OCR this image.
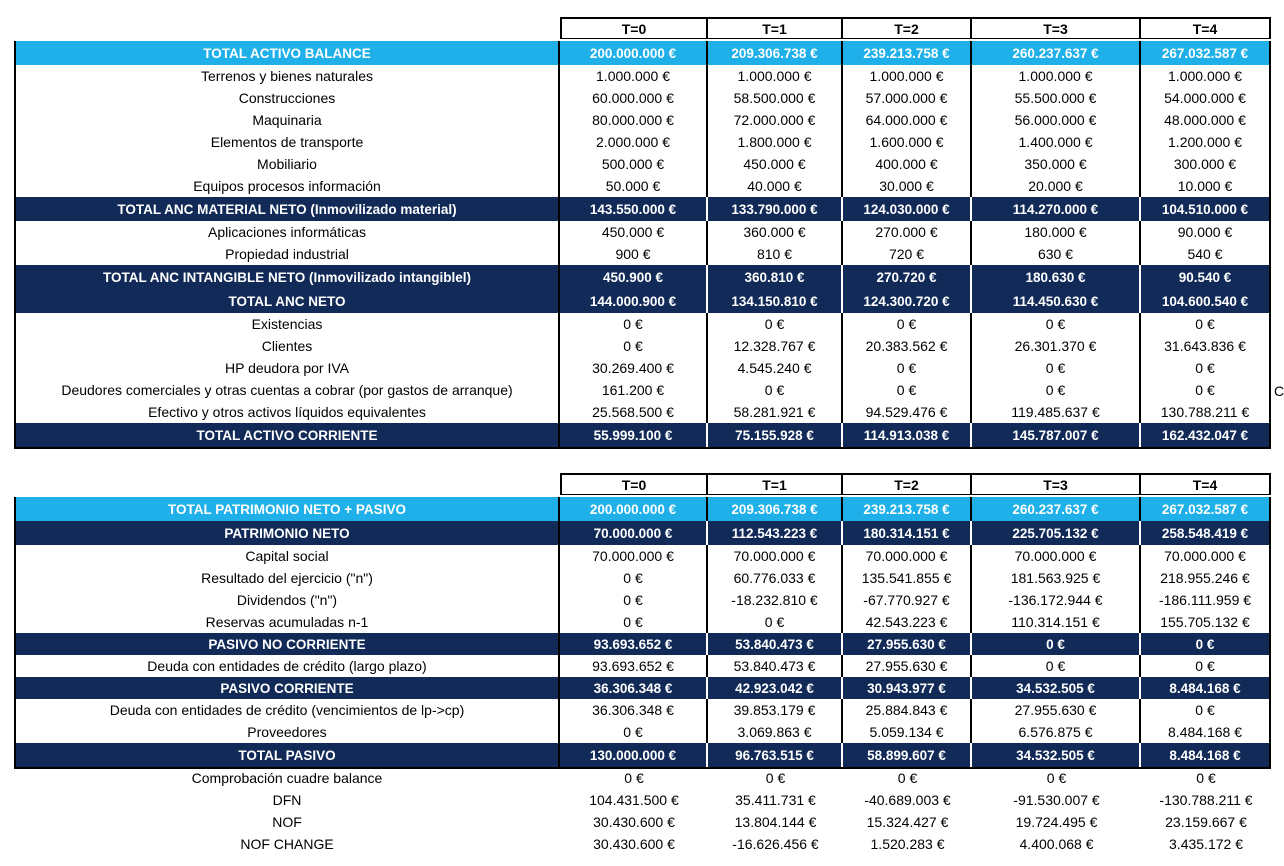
T=0	T=1	T=2	T=3	T=4
TOTAL ACTIVO BALANCE	200.000.000 €	209.306.738 €	239.213.758 €	260.237.637 €	267.032.587 €
Terrenos y bienes naturales	1.000.000 €	1.000.000 €	1.000.000 €	1.000.000 €	1.000.000 €
Construcciones	60.000.000 €	58.500.000 €	57.000.000 €	55.500.000 €	54.000.000 €
Maquinaria	80.000.000 €	72.000.000 €	64.000.000 €	56.000.000 €	48.000.000 €
Elementos de transporte	2.000.000 €	1.800.000 €	1.600.000 €	1.400.000 €	1.200.000 €
Mobiliario	500.000 €	450.000 €	400.000 €	350.000 €	300.000 €
Equipos procesos información	50.000 €	40.000 €	30.000 €	20.000 €	10.000 €
TOTAL ANC MATERIAL NETO (Inmovilizado material)	143.550.000 €	133.790.000 €	124.030.000 €	114.270.000 €	104.510.000 €
Aplicaciones informáticas	450.000 €	360.000 €	270.000 €	180.000 €	90.000 €
Propiedad industrial	900 €	810 €	720 €	630 €	540 €
TOTAL ANC INTANGIBLE NETO (Inmovilizado intangiblel)	450.900 €	360.810 €	270.720 €	180.630 €	90.540 €
TOTAL ANC NETO	144.000.900 €	134.150.810 €	124.300.720 €	114.450.630 €	104.600.540 €
Existencias	0 €	0 €	0 €	0 €	0 €
Clientes	0 €	12.328.767 €	20.383.562 €	26.301.370 €	31.643.836 €
HP deudora por IVA	30.269.400 €	4.545.240 €	0 €	0 €	0 €
Deudores comerciales y otras cuentas a cobrar (por gastos de arranque)	161.200 €	0 €	0 €	0 €	0 €
Efectivo y otros activos líquidos equivalentes	25.568.500 €	58.281.921 €	94.529.476 €	119.485.637 €	130.788.211 €
TOTAL ACTIVO CORRIENTE	55.999.100 €	75.155.928 €	114.913.038 €	145.787.007 €	162.432.047 €
T=0	T=1	T=2	T=3	T=4
TOTAL PATRIMONIO NETO + PASIVO	200.000.000 €	209.306.738 €	239.213.758 €	260.237.637 €	267.032.587 €
PATRIMONIO NETO	70.000.000 €	112.543.223 €	180.314.151 €	225.705.132 €	258.548.419 €
Capital social	70.000.000 €	70.000.000 €	70.000.000 €	70.000.000 €	70.000.000 €
Resultado del ejercicio ("n")	0 €	60.776.033 €	135.541.855 €	181.563.925 €	218.955.246 €
Dividendos ("n")	0 €	-18.232.810 €	-67.770.927 €	-136.172.944 €	-186.111.959 €
Reservas acumuladas n-1	0 €	0 €	42.543.223 €	110.314.151 €	155.705.132 €
PASIVO NO CORRIENTE	93.693.652 €	53.840.473 €	27.955.630 €	0 €	0 €
Deuda con entidades de crédito (largo plazo)	93.693.652 €	53.840.473 €	27.955.630 €	0 €	0 €
PASIVO CORRIENTE	36.306.348 €	42.923.042 €	30.943.977 €	34.532.505 €	8.484.168 €
Deuda con entidades de crédito (vencimientos de lp->cp)	36.306.348 €	39.853.179 €	25.884.843 €	27.955.630 €	0 €
Proveedores	0 €	3.069.863 €	5.059.134 €	6.576.875 €	8.484.168 €
TOTAL PASIVO	130.000.000 €	96.763.515 €	58.899.607 €	34.532.505 €	8.484.168 €
Comprobación cuadre balance	0 €	0 €	0 €	0 €	0 €
DFN	104.431.500 €	35.411.731 €	-40.689.003 €	-91.530.007 €	-130.788.211 €
NOF	30.430.600 €	13.804.144 €	15.324.427 €	19.724.495 €	23.159.667 €
NOF CHANGE	30.430.600 €	-16.626.456 €	1.520.283 €	4.400.068 €	3.435.172 €
C
